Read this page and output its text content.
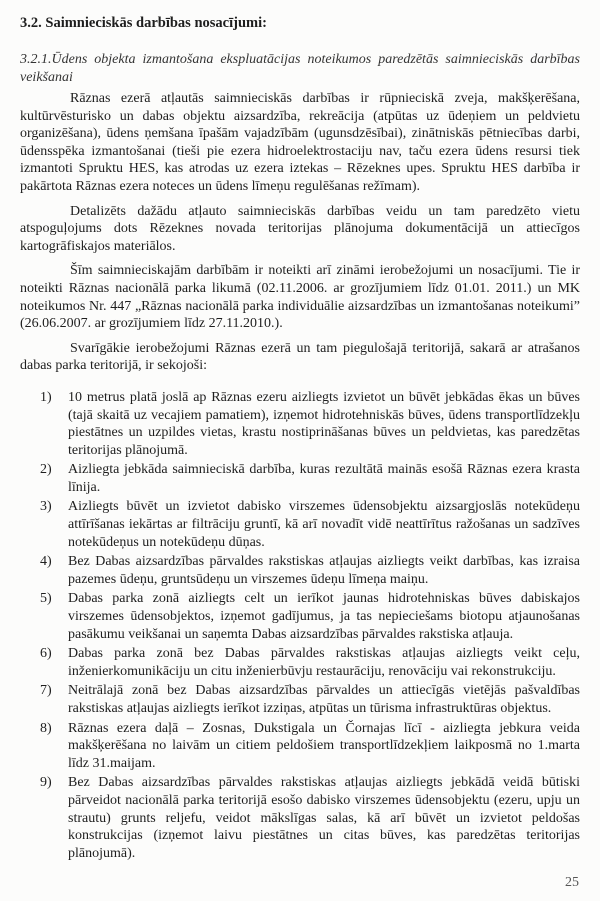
3.2. Saimnieciskās darbības nosacījumi:
3.2.1.Ūdens objekta izmantošana ekspluatācijas noteikumos paredzētās saimnieciskās darbības veikšanai

Rāznas ezerā atļautās saimnieciskās darbības ir rūpnieciskā zveja, makšķerēšana, kultūrvēsturisko un dabas objektu aizsardzība, rekreācija (atpūtas uz ūdeņiem un peldvietu organizēšana), ūdens ņemšana īpašām vajadzībām (ugunsdzēsībai), zinātniskās pētniecības darbi, ūdensspēka izmantošanai (tieši pie ezera hidroelektrostaciju nav, taču ezera ūdens resursi tiek izmantoti Spruktu HES, kas atrodas uz ezera iztekas – Rēzeknes upes. Spruktu HES darbība ir pakārtota Rāznas ezera noteces un ūdens līmeņu regulēšanas režīmam).

Detalizēts dažādu atļauto saimnieciskās darbības veidu un tam paredzēto vietu atspoguļojums dots Rēzeknes novada teritorijas plānojuma dokumentācijā un attiecīgos kartogrāfiskajos materiālos.

Šīm saimnieciskajām darbībām ir noteikti arī zināmi ierobežojumi un nosacījumi. Tie ir noteikti Rāznas nacionālā parka likumā (02.11.2006. ar grozījumiem līdz 01.01. 2011.) un MK noteikumos Nr. 447 „Rāznas nacionālā parka individuālie aizsardzības un izmantošanas noteikumi” (26.06.2007. ar grozījumiem līdz 27.11.2010.).

Svarīgākie ierobežojumi Rāznas ezerā un tam piegulošajā teritorijā, sakarā ar atrašanos dabas parka teritorijā, ir sekojoši:

1) 10 metrus platā joslā ap Rāznas ezeru aizliegts izvietot un būvēt jebkādas ēkas un būves (tajā skaitā uz vecajiem pamatiem), izņemot hidrotehniskās būves, ūdens transportlīdzekļu piestātnes un uzpildes vietas, krastu nostiprināšanas būves un peldvietas, kas paredzētas teritorijas plānojumā.
2) Aizliegta jebkāda saimnieciskā darbība, kuras rezultātā mainās esošā Rāznas ezera krasta līnija.
3) Aizliegts būvēt un izvietot dabisko virszemes ūdensobjektu aizsargjoslās notekūdeņu attīrīšanas iekārtas ar filtrāciju gruntī, kā arī novadīt vidē neattīrītus ražošanas un sadzīves notekūdeņus un notekūdeņu dūņas.
4) Bez Dabas aizsardzības pārvaldes rakstiskas atļaujas aizliegts veikt darbības, kas izraisa pazemes ūdeņu, gruntsūdeņu un virszemes ūdeņu līmeņa maiņu.
5) Dabas parka zonā aizliegts celt un ierīkot jaunas hidrotehniskas būves dabiskajos virszemes ūdensobjektos, izņemot gadījumus, ja tas nepieciešams biotopu atjaunošanas pasākumu veikšanai un saņemta Dabas aizsardzības pārvaldes rakstiska atļauja.
6) Dabas parka zonā bez Dabas pārvaldes rakstiskas atļaujas aizliegts veikt ceļu, inženierkomunikāciju un citu inženierbūvju restaurāciju, renovāciju vai rekonstrukciju.
7) Neitrālajā zonā bez Dabas aizsardzības pārvaldes un attiecīgās vietējās pašvaldības rakstiskas atļaujas aizliegts ierīkot izziņas, atpūtas un tūrisma infrastruktūras objektus.
8) Rāznas ezera daļā – Zosnas, Dukstigala un Čornajas līcī - aizliegta jebkura veida makšķerēšana no laivām un citiem peldošiem transportlīdzekļiem laikposmā no 1.marta līdz 31.maijam.
9) Bez Dabas aizsardzības pārvaldes rakstiskas atļaujas aizliegts jebkādā veidā būtiski pārveidot nacionālā parka teritorijā esošo dabisko virszemes ūdensobjektu (ezeru, upju un strautu) grunts reljefu, veidot mākslīgas salas, kā arī būvēt un izvietot peldošas konstrukcijas (izņemot laivu piestātnes un citas būves, kas paredzētas teritorijas plānojumā).
25
